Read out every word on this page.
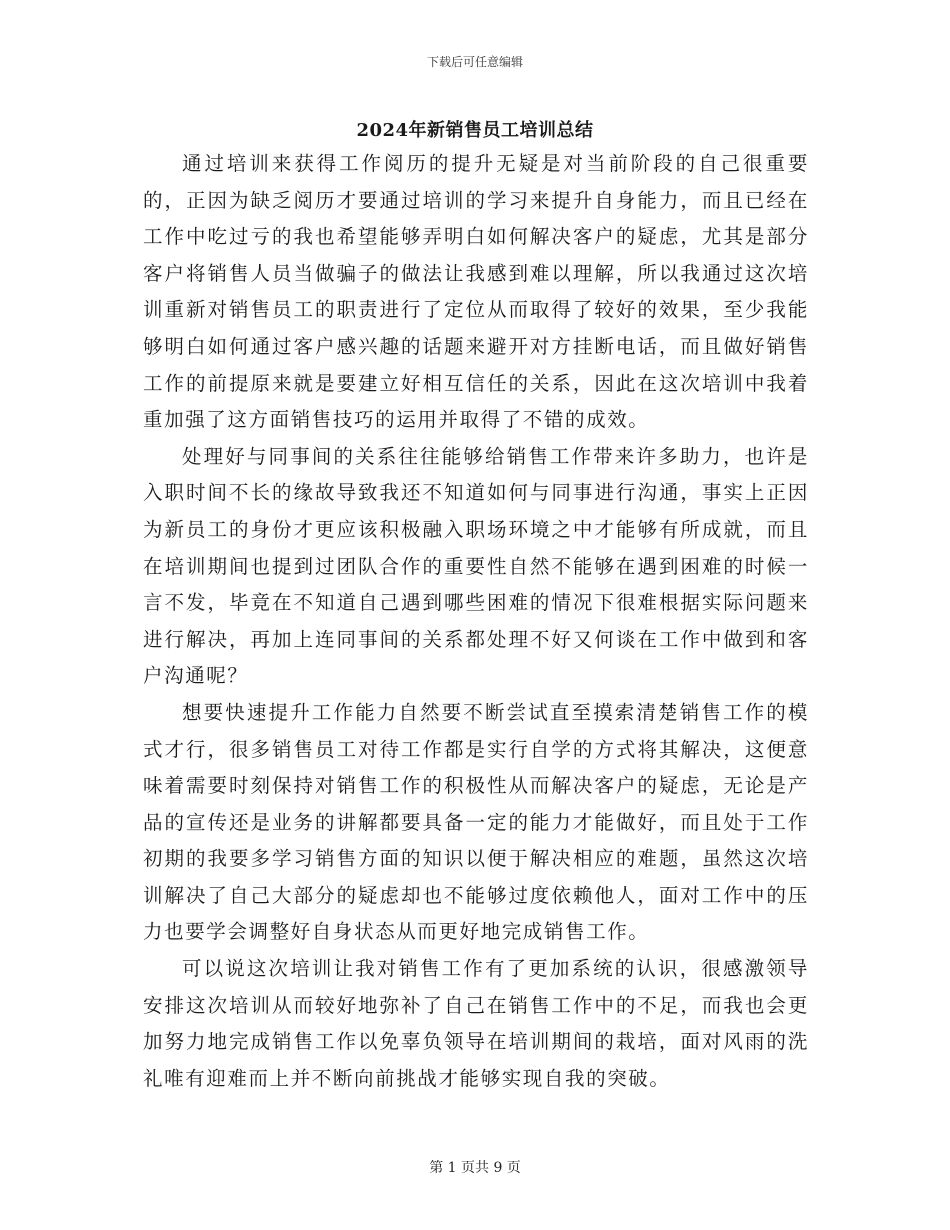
下载后可任意编辑
2024年新销售员工培训总结

通过培训来获得工作阅历的提升无疑是对当前阶段的自己很重要的，正因为缺乏阅历才要通过培训的学习来提升自身能力，而且已经在工作中吃过亏的我也希望能够弄明白如何解决客户的疑虑，尤其是部分客户将销售人员当做骗子的做法让我感到难以理解，所以我通过这次培训重新对销售员工的职责进行了定位从而取得了较好的效果，至少我能够明白如何通过客户感兴趣的话题来避开对方挂断电话，而且做好销售工作的前提原来就是要建立好相互信任的关系，因此在这次培训中我着重加强了这方面销售技巧的运用并取得了不错的成效。

处理好与同事间的关系往往能够给销售工作带来许多助力，也许是入职时间不长的缘故导致我还不知道如何与同事进行沟通，事实上正因为新员工的身份才更应该积极融入职场环境之中才能够有所成就，而且在培训期间也提到过团队合作的重要性自然不能够在遇到困难的时候一言不发，毕竟在不知道自己遇到哪些困难的情况下很难根据实际问题来进行解决，再加上连同事间的关系都处理不好又何谈在工作中做到和客户沟通呢？

想要快速提升工作能力自然要不断尝试直至摸索清楚销售工作的模式才行，很多销售员工对待工作都是实行自学的方式将其解决，这便意味着需要时刻保持对销售工作的积极性从而解决客户的疑虑，无论是产品的宣传还是业务的讲解都要具备一定的能力才能做好，而且处于工作初期的我要多学习销售方面的知识以便于解决相应的难题，虽然这次培训解决了自己大部分的疑虑却也不能够过度依赖他人，面对工作中的压力也要学会调整好自身状态从而更好地完成销售工作。

可以说这次培训让我对销售工作有了更加系统的认识，很感激领导安排这次培训从而较好地弥补了自己在销售工作中的不足，而我也会更加努力地完成销售工作以免辜负领导在培训期间的栽培，面对风雨的洗礼唯有迎难而上并不断向前挑战才能够实现自我的突破。

第 1 页共 9 页
